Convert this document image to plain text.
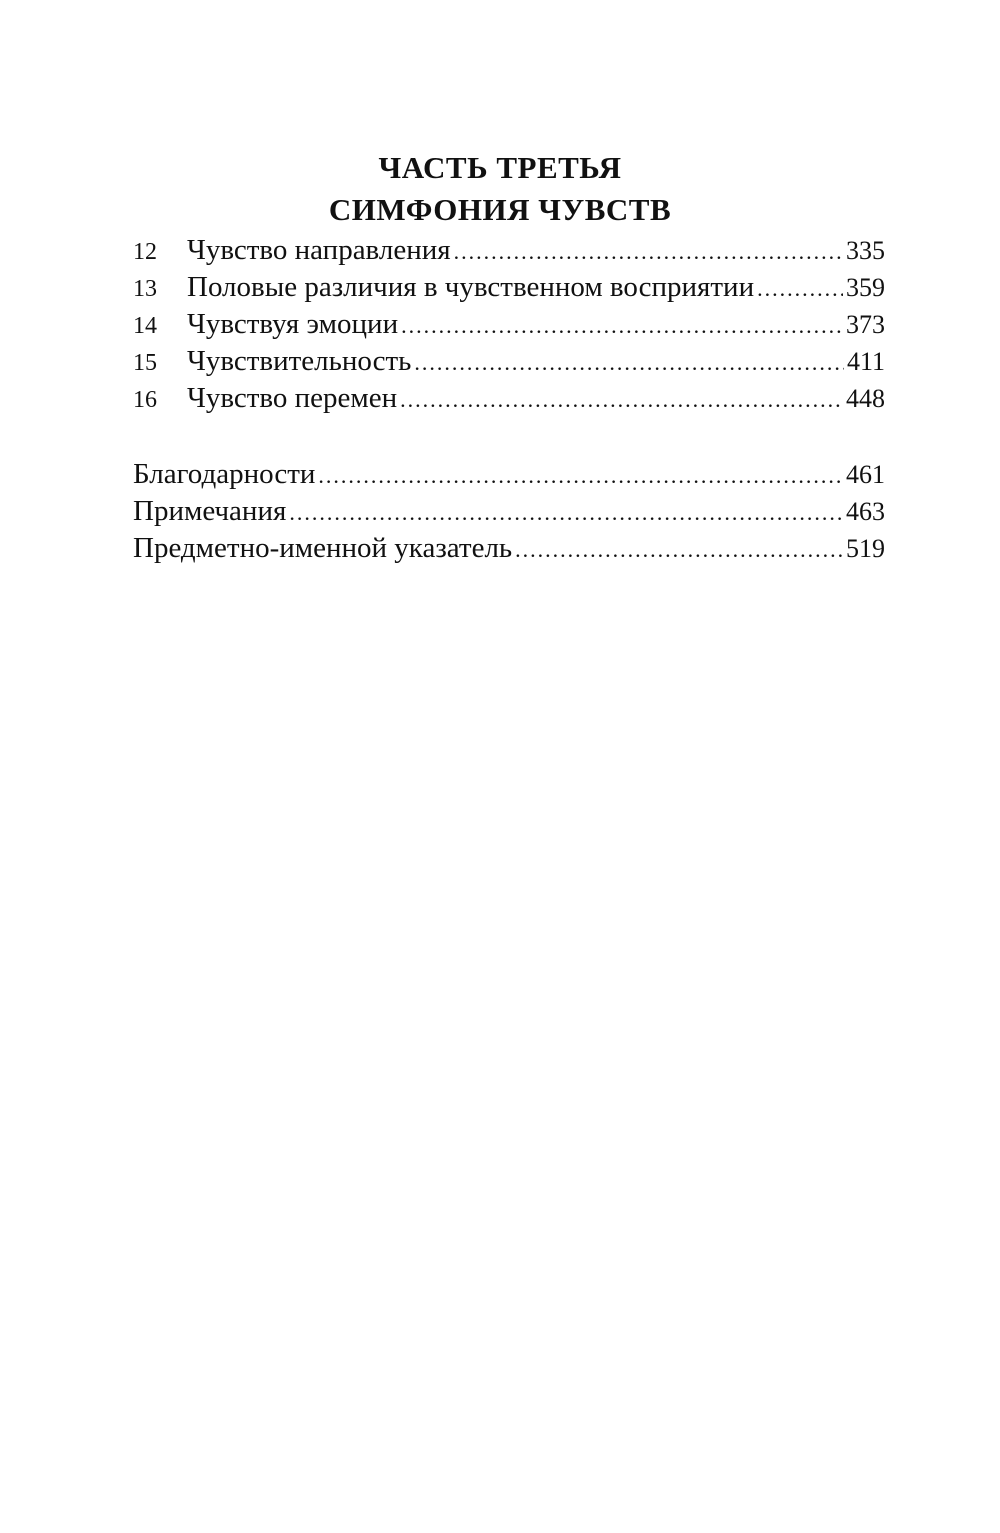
ЧАСТЬ ТРЕТЬЯ
СИМФОНИЯ ЧУВСТВ
12	Чувство направления .....	335
13	Половые различия в чувственном восприятии .....	359
14	Чувствуя эмоции .....	373
15	Чувствительность .....	411
16	Чувство перемен .....	448
Благодарности .....	461
Примечания .....	463
Предметно-именной указатель .....	519
